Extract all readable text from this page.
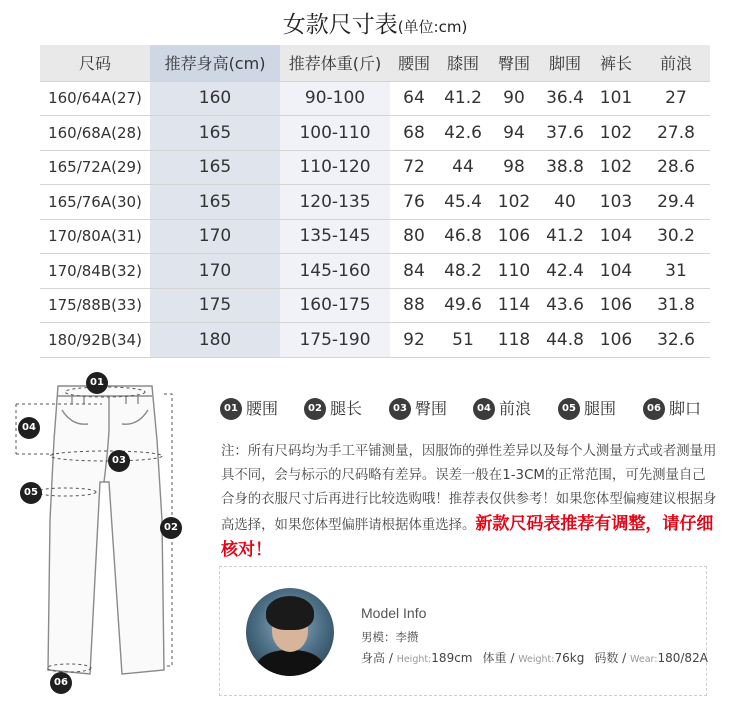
女款尺寸表(单位:cm)
尺码	推荐身高(cm)	推荐体重(斤)	腰围	膝围	臀围	脚围	裤长	前浪
160/64A(27)	160	90-100	64	41.2	90	36.4	101	27
160/68A(28)	165	100-110	68	42.6	94	37.6	102	27.8
165/72A(29)	165	110-120	72	44	98	38.8	102	28.6
165/76A(30)	165	120-135	76	45.4	102	40	103	29.4
170/80A(31)	170	135-145	80	46.8	106	41.2	104	30.2
170/84B(32)	170	145-160	84	48.2	110	42.4	104	31
175/88B(33)	175	160-175	88	49.6	114	43.6	106	31.8
180/92B(34)	180	175-190	92	51	118	44.8	106	32.6
01
02
03
04
05
06
01 腰围	02 腿长	03 臀围	04 前浪	05 腿围	06 脚口
注：所有尺码均为手工平铺测量，因服饰的弹性差异以及每个人测量方式或者测量用具不同，会与标示的尺码略有差异。误差一般在1-3CM的正常范围，可先测量自己合身的衣服尺寸后再进行比较选购哦！推荐表仅供参考！如果您体型偏瘦建议根据身高选择，如果您体型偏胖请根据体重选择。新款尺码表推荐有调整，请仔细核对！
Model Info
男模：李攒
身高 / Height:189cm 体重 / Weight:76kg 码数 / Wear:180/82A
